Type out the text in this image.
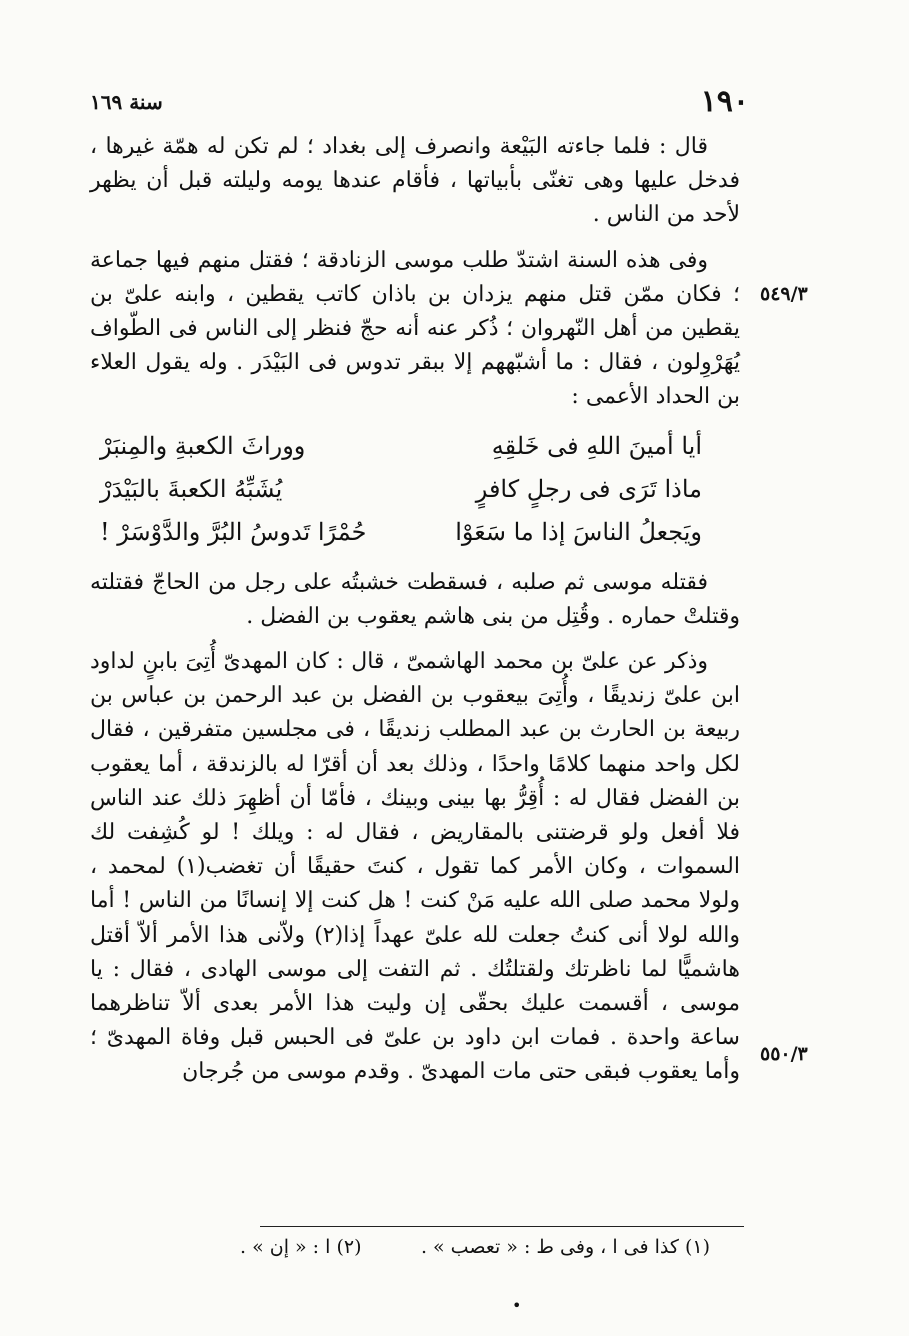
١٩٠
سنة ١٦٩
٥٤٩/٣
٥٥٠/٣

قال : فلما جاءته البَيْعة وانصرف إلى بغداد ؛ لم تكن له همّة غيرها ، فدخل عليها وهى تغنّى بأبياتها ، فأقام عندها يومه وليلته قبل أن يظهر لأحد من الناس .

وفى هذه السنة اشتدّ طلب موسى الزنادقة ؛ فقتل منهم فيها جماعة ؛ فكان ممّن قتل منهم يزدان بن باذان كاتب يقطين ، وابنه علىّ بن يقطين من أهل النّهروان ؛ ذُكر عنه أنه حجّ فنظر إلى الناس فى الطّواف يُهَرْوِلون ، فقال : ما أشبّههم إلا ببقر تدوس فى البَيْدَر . وله يقول العلاء بن الحداد الأعمى :

أيا أمينَ اللهِ فى خَلقِهِ
ووراثَ الكعبةِ والمِنبَرْ
ماذا تَرَى فى رجلٍ كافرٍ
يُشَبِّهُ الكعبةَ بالبَيْدَرْ
ويَجعلُ الناسَ إذا ما سَعَوْا
حُمْرًا تَدوسُ البُرَّ والدَّوْسَرْ !

فقتله موسى ثم صلبه ، فسقطت خشبتُه على رجل من الحاجّ فقتلته وقتلتْ حماره . وقُتِل من بنى هاشم يعقوب بن الفضل .

وذكر عن علىّ بن محمد الهاشمىّ ، قال : كان المهدىّ أُتِىَ بابنٍ لداود ابن علىّ زنديقًا ، وأُتِىَ بيعقوب بن الفضل بن عبد الرحمن بن عباس بن ربيعة بن الحارث بن عبد المطلب زنديقًا ، فى مجلسين متفرقين ، فقال لكل واحد منهما كلامًا واحدًا ، وذلك بعد أن أقرّا له بالزندقة ، أما يعقوب بن الفضل فقال له : أُقِرُّ بها بينى وبينك ، فأمّا أن أظهِرَ ذلك عند الناس فلا أفعل ولو قرضتنى بالمقاريض ، فقال له : ويلك ! لو كُشِفت لك السموات ، وكان الأمر كما تقول ، كنتَ حقيقًا أن تغضب(١) لمحمد ، ولولا محمد صلى الله عليه مَنْ كنت ! هل كنت إلا إنسانًا من الناس ! أما والله لولا أنى كنتُ جعلت لله علىّ عهداً إذا(٢) ولاّنى هذا الأمر ألاّ أقتل هاشميًّا لما ناظرتك ولقتلتُك . ثم التفت إلى موسى الهادى ، فقال : يا موسى ، أقسمت عليك بحقّى إن وليت هذا الأمر بعدى ألاّ تناظرهما ساعة واحدة . فمات ابن داود بن علىّ فى الحبس قبل وفاة المهدىّ ؛ وأما يعقوب فبقى حتى مات المهدىّ . وقدم موسى من جُرجان

(١) كذا فى ا ، وفى ط : « تعصب » .
(٢) ا : « إن » .
•
